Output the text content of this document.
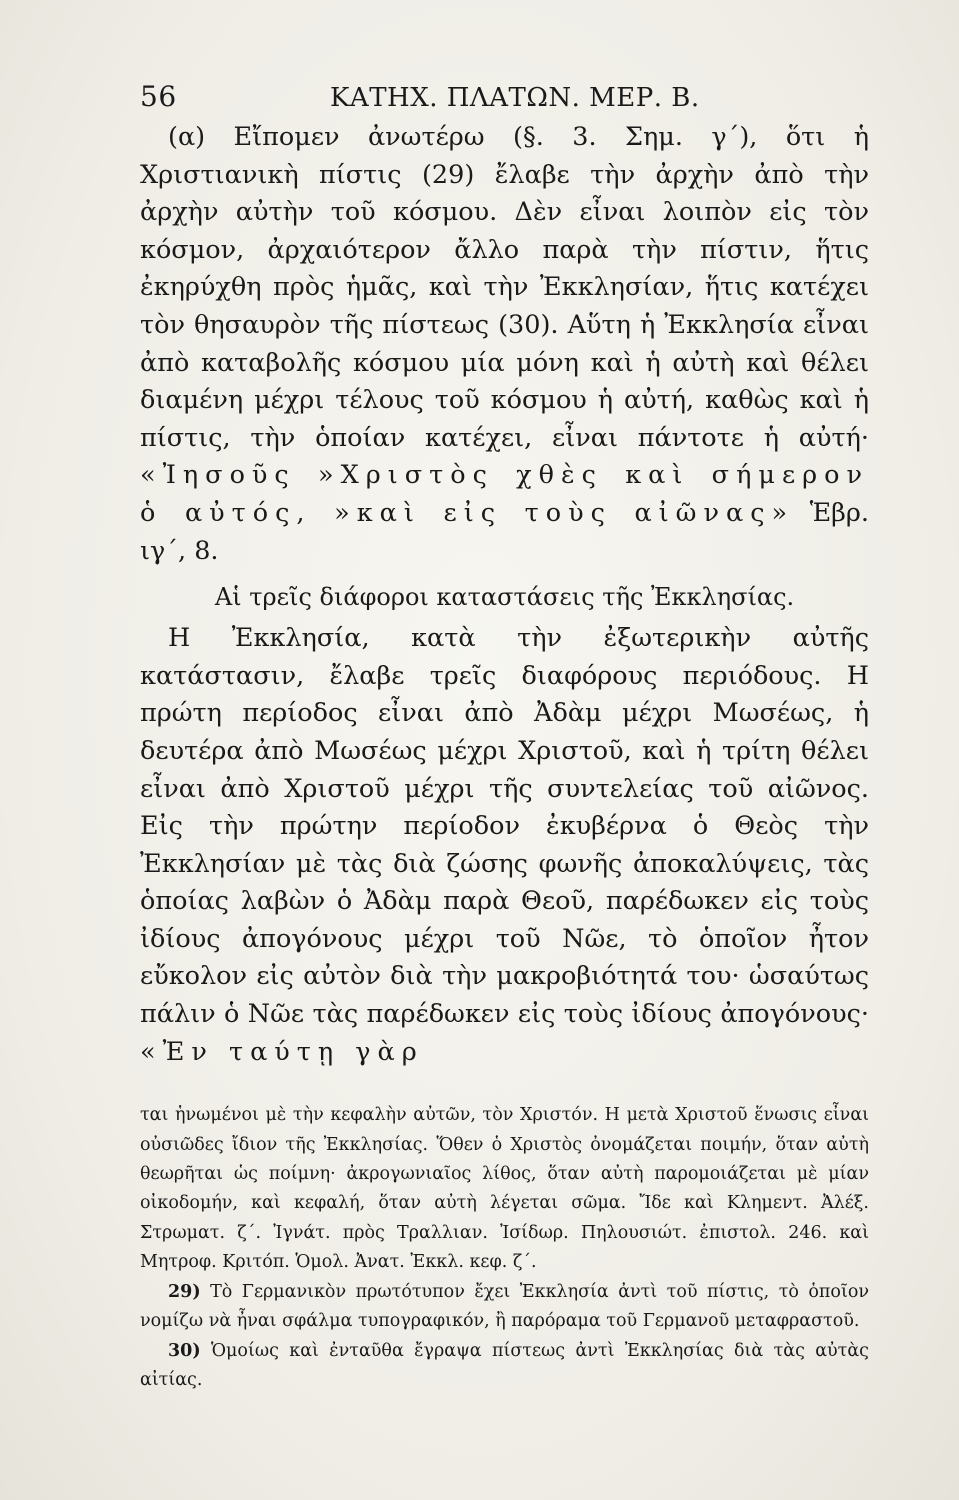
56	ΚΑΤΗΧ. ΠΛΑΤΩΝ. ΜΕΡ. Β.

(α) Εἴπομεν ἀνωτέρω (§. 3. Σημ. γ΄), ὅτι ἡ Χριστιανικὴ πίστις (29) ἔλαβε τὴν ἀρχὴν ἀπὸ τὴν ἀρχὴν αὐτὴν τοῦ κόσμου. Δὲν εἶναι λοιπὸν εἰς τὸν κόσμον, ἀρχαιότερον ἄλλο παρὰ τὴν πίστιν, ἥτις ἐκηρύχθη πρὸς ἡμᾶς, καὶ τὴν Ἐκκλησίαν, ἥτις κατέχει τὸν θησαυρὸν τῆς πίστεως (30). Αὕτη ἡ Ἐκκλησία εἶναι ἀπὸ καταβολῆς κόσμου μία μόνη καὶ ἡ αὐτὴ καὶ θέλει διαμένη μέχρι τέλους τοῦ κόσμου ἡ αὐτή, καθὼς καὶ ἡ πίστις, τὴν ὁποίαν κατέχει, εἶναι πάντοτε ἡ αὐτή· «Ἰησοῦς »Χριστὸς χθὲς καὶ σήμερον ὁ αὐτός, »καὶ εἰς τοὺς αἰῶνας» Ἑβρ. ιγ΄, 8.

Αἱ τρεῖς διάφοροι καταστάσεις τῆς Ἐκκλησίας.

Η Ἐκκλησία, κατὰ τὴν ἐξωτερικὴν αὐτῆς κατάστασιν, ἔλαβε τρεῖς διαφόρους περιόδους. Η πρώτη περίοδος εἶναι ἀπὸ Ἀδὰμ μέχρι Μωσέως, ἡ δευτέρα ἀπὸ Μωσέως μέχρι Χριστοῦ, καὶ ἡ τρίτη θέλει εἶναι ἀπὸ Χριστοῦ μέχρι τῆς συντελείας τοῦ αἰῶνος. Εἰς τὴν πρώτην περίοδον ἐκυβέρνα ὁ Θεὸς τὴν Ἐκκλησίαν μὲ τὰς διὰ ζώσης φωνῆς ἀποκαλύψεις, τὰς ὁποίας λαβὼν ὁ Ἀδὰμ παρὰ Θεοῦ, παρέδωκεν εἰς τοὺς ἰδίους ἀπογόνους μέχρι τοῦ Νῶε, τὸ ὁποῖον ἦτον εὔκολον εἰς αὐτὸν διὰ τὴν μακροβιότητά του· ὡσαύτως πάλιν ὁ Νῶε τὰς παρέδωκεν εἰς τοὺς ἰδίους ἀπογόνους· «Ἐν ταύτῃ γὰρ

ται ἡνωμένοι μὲ τὴν κεφαλὴν αὐτῶν, τὸν Χριστόν. Η μετὰ Χριστοῦ ἕνωσις εἶναι οὐσιῶδες ἴδιον τῆς Ἐκκλησίας. Ὅθεν ὁ Χριστὸς ὀνομάζεται ποιμήν, ὅταν αὐτὴ θεωρῆται ὡς ποίμνη· ἀκρογωνιαῖος λίθος, ὅταν αὐτὴ παρομοιάζεται μὲ μίαν οἰκοδομήν, καὶ κεφαλή, ὅταν αὐτὴ λέγεται σῶμα. Ἴδε καὶ Κλημεντ. Ἀλέξ. Στρωματ. ζ΄. Ἰγνάτ. πρὸς Τραλλιαν. Ἰσίδωρ. Πηλουσιώτ. ἐπιστολ. 246. καὶ Μητροφ. Κριτόπ. Ὁμολ. Ἀνατ. Ἐκκλ. κεφ. ζ΄.

29) Τὸ Γερμανικὸν πρωτότυπον ἔχει Ἐκκλησία ἀντὶ τοῦ πίστις, τὸ ὁποῖον νομίζω νὰ ἦναι σφάλμα τυπογραφικόν, ἢ παρόραμα τοῦ Γερμανοῦ μεταφραστοῦ.

30) Ὁμοίως καὶ ἐνταῦθα ἔγραψα πίστεως ἀντὶ Ἐκκλησίας διὰ τὰς αὐτὰς αἰτίας.
